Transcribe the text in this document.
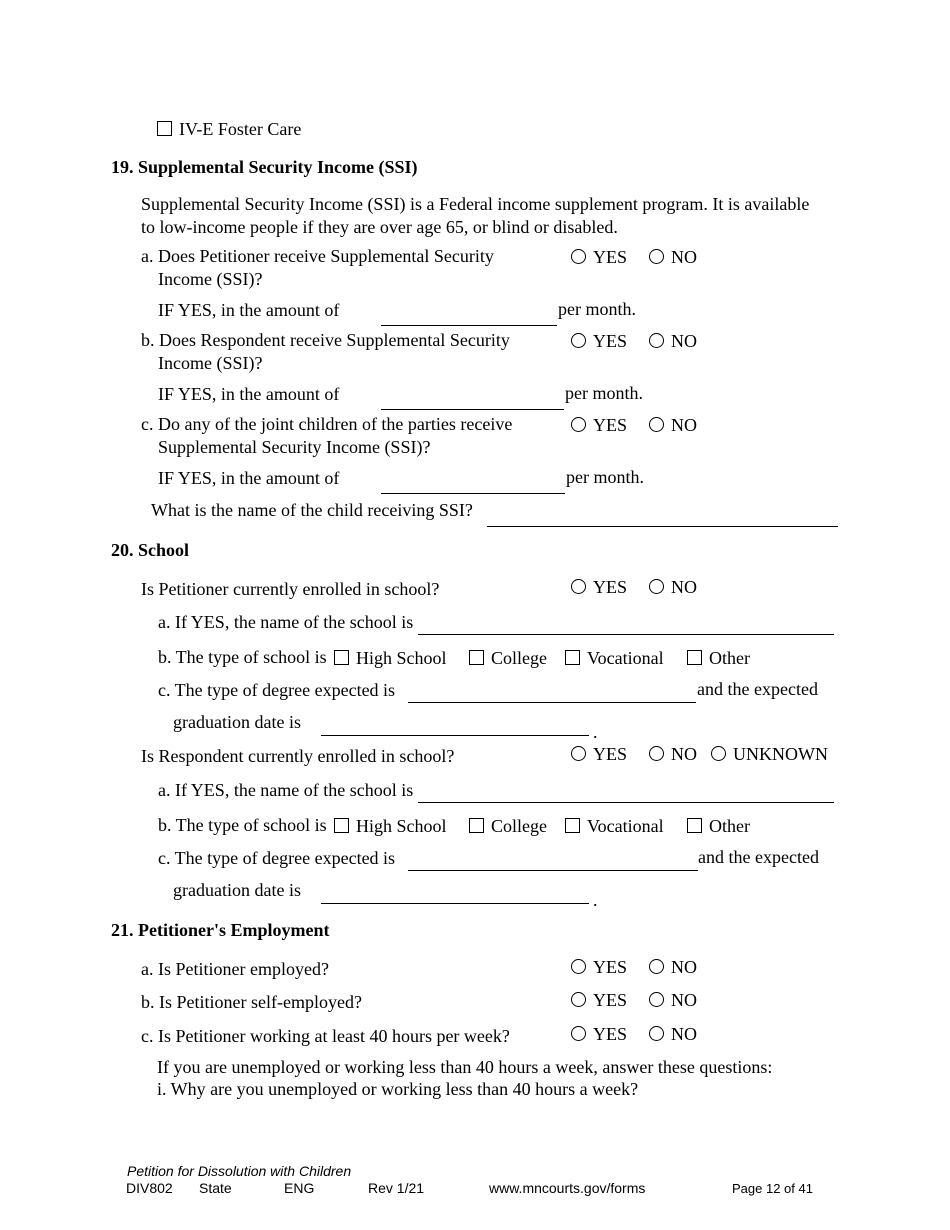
IV-E Foster Care
19. Supplemental Security Income (SSI)
Supplemental Security Income (SSI) is a Federal income supplement program. It is available
to low-income people if they are over age 65, or blind or disabled.
a. Does Petitioner receive Supplemental Security
Income (SSI)?
YES	NO
IF YES, in the amount of	per month.
b. Does Respondent receive Supplemental Security
Income (SSI)?
YES	NO
IF YES, in the amount of	per month.
c. Do any of the joint children of the parties receive
Supplemental Security Income (SSI)?
YES	NO
IF YES, in the amount of	per month.
What is the name of the child receiving SSI?
20. School
Is Petitioner currently enrolled in school?	YES	NO
a. If YES, the name of the school is
b. The type of school is	High School	College	Vocational	Other
c. The type of degree expected is	and the expected
graduation date is	.
Is Respondent currently enrolled in school?	YES	NO	UNKNOWN
a. If YES, the name of the school is
b. The type of school is	High School	College	Vocational	Other
c. The type of degree expected is	and the expected
graduation date is	.
21. Petitioner's Employment
a. Is Petitioner employed?	YES	NO
b. Is Petitioner self-employed?	YES	NO
c. Is Petitioner working at least 40 hours per week?	YES	NO
If you are unemployed or working less than 40 hours a week, answer these questions:
i. Why are you unemployed or working less than 40 hours a week?
Petition for Dissolution with Children
DIV802 State	ENG	Rev 1/21	www.mncourts.gov/forms	Page 12 of 41
